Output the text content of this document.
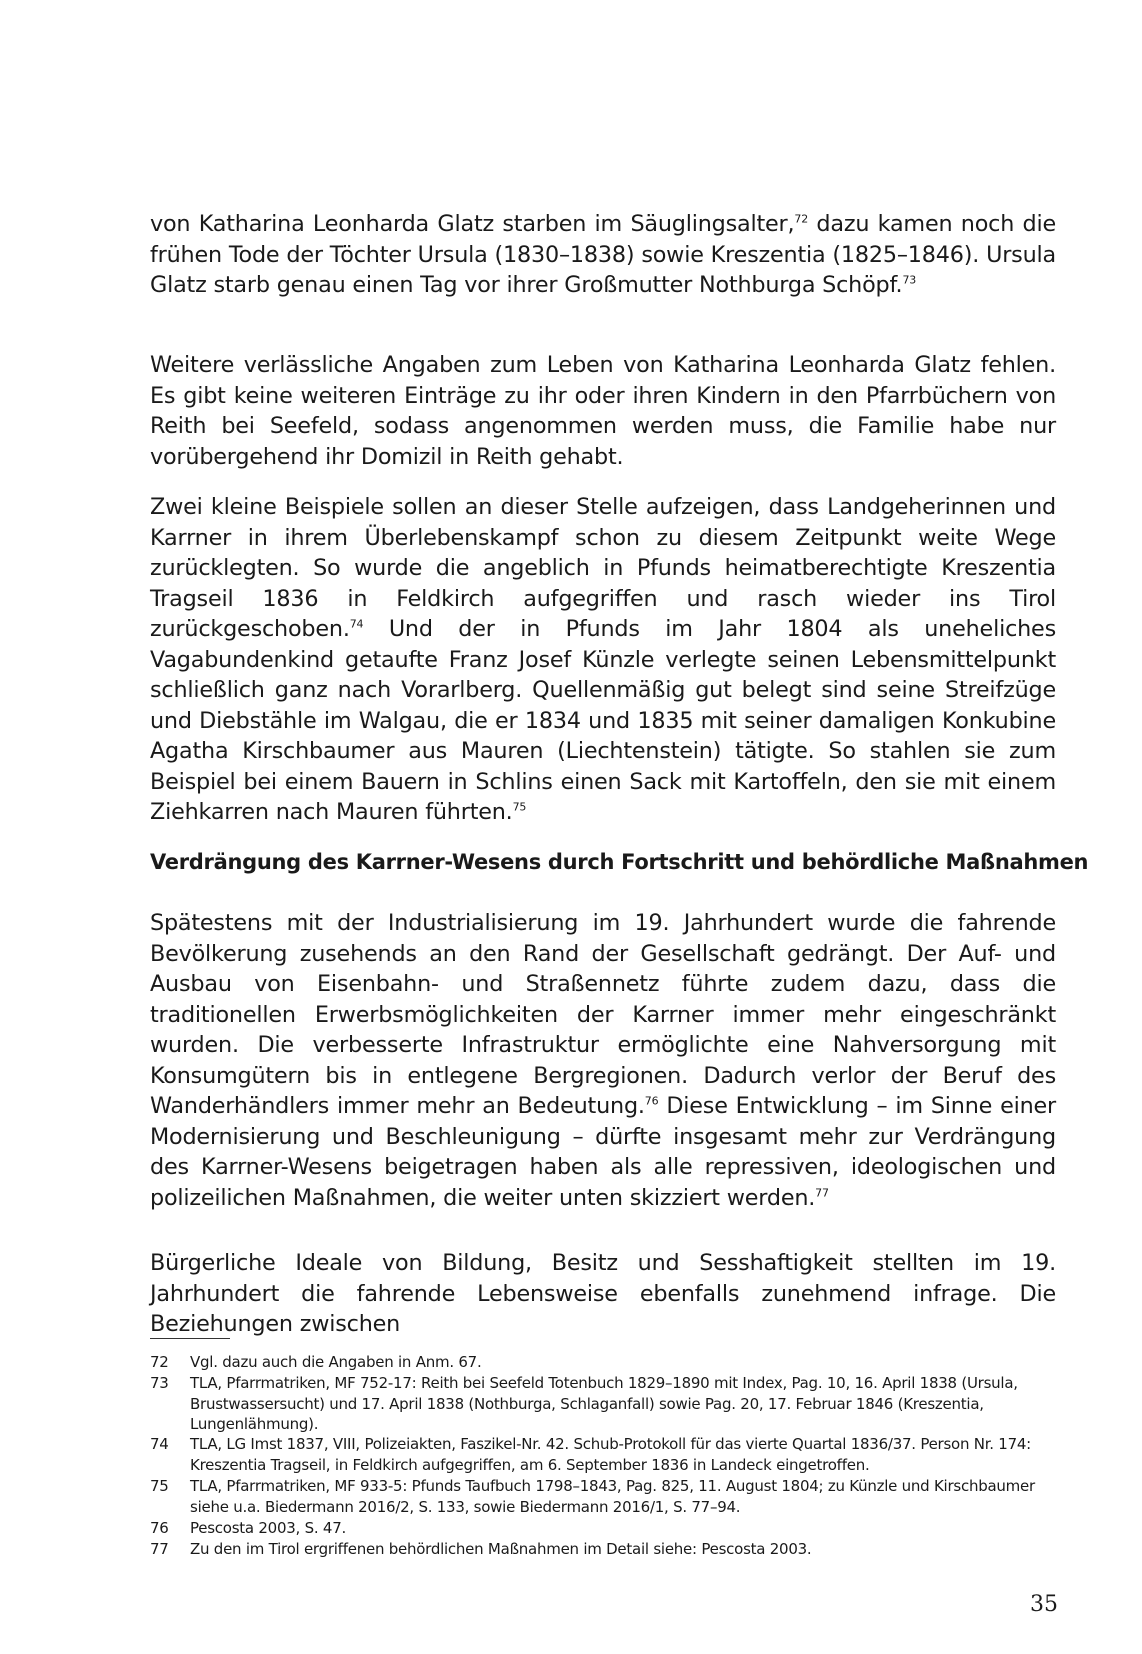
von Katharina Leonharda Glatz starben im Säuglingsalter,$^{72}$ dazu kamen noch die frühen Tode der Töchter Ursula (1830–1838) sowie Kreszentia (1825–1846). Ursula Glatz starb genau einen Tag vor ihrer Großmutter Nothburga Schöpf.$^{73}$

Weitere verlässliche Angaben zum Leben von Katharina Leonharda Glatz fehlen. Es gibt keine weiteren Einträge zu ihr oder ihren Kindern in den Pfarrbüchern von Reith bei Seefeld, sodass angenommen werden muss, die Familie habe nur vorübergehend ihr Domizil in Reith gehabt.

Zwei kleine Beispiele sollen an dieser Stelle aufzeigen, dass Landgeherinnen und Karrner in ihrem Überlebenskampf schon zu diesem Zeitpunkt weite Wege zurücklegten. So wurde die angeblich in Pfunds heimatberechtigte Kreszentia Tragseil 1836 in Feldkirch aufgegriffen und rasch wieder ins Tirol zurückgeschoben.$^{74}$ Und der in Pfunds im Jahr 1804 als uneheliches Vagabundenkind getaufte Franz Josef Künzle verlegte seinen Lebensmittelpunkt schließlich ganz nach Vorarlberg. Quellenmäßig gut belegt sind seine Streifzüge und Diebstähle im Walgau, die er 1834 und 1835 mit seiner damaligen Konkubine Agatha Kirschbaumer aus Mauren (Liechtenstein) tätigte. So stahlen sie zum Beispiel bei einem Bauern in Schlins einen Sack mit Kartoffeln, den sie mit einem Ziehkarren nach Mauren führten.$^{75}$

Verdrängung des Karrner-Wesens durch Fortschritt und behördliche Maßnahmen

Spätestens mit der Industrialisierung im 19. Jahrhundert wurde die fahrende Bevölkerung zusehends an den Rand der Gesellschaft gedrängt. Der Auf- und Ausbau von Eisenbahn- und Straßennetz führte zudem dazu, dass die traditionellen Erwerbsmöglichkeiten der Karrner immer mehr eingeschränkt wurden. Die verbesserte Infrastruktur ermöglichte eine Nahversorgung mit Konsumgütern bis in entlegene Bergregionen. Dadurch verlor der Beruf des Wanderhändlers immer mehr an Bedeutung.$^{76}$ Diese Entwicklung – im Sinne einer Modernisierung und Beschleunigung – dürfte insgesamt mehr zur Verdrängung des Karrner-Wesens beigetragen haben als alle repressiven, ideologischen und polizeilichen Maßnahmen, die weiter unten skizziert werden.$^{77}$

Bürgerliche Ideale von Bildung, Besitz und Sesshaftigkeit stellten im 19. Jahrhundert die fahrende Lebensweise ebenfalls zunehmend infrage. Die Beziehungen zwischen

72	Vgl. dazu auch die Angaben in Anm. 67.
73	TLA, Pfarrmatriken, MF 752-17: Reith bei Seefeld Totenbuch 1829–1890 mit Index, Pag. 10, 16. April 1838 (Ursula, Brustwassersucht) und 17. April 1838 (Nothburga, Schlaganfall) sowie Pag. 20, 17. Februar 1846 (Kreszentia, Lungenlähmung).
74	TLA, LG Imst 1837, VIII, Polizeiakten, Faszikel-Nr. 42. Schub-Protokoll für das vierte Quartal 1836/37. Person Nr. 174: Kreszentia Tragseil, in Feldkirch aufgegriffen, am 6. September 1836 in Landeck eingetroffen.
75	TLA, Pfarrmatriken, MF 933-5: Pfunds Taufbuch 1798–1843, Pag. 825, 11. August 1804; zu Künzle und Kirschbaumer siehe u.a. Biedermann 2016/2, S. 133, sowie Biedermann 2016/1, S. 77–94.
76	Pescosta 2003, S. 47.
77	Zu den im Tirol ergriffenen behördlichen Maßnahmen im Detail siehe: Pescosta 2003.
35
